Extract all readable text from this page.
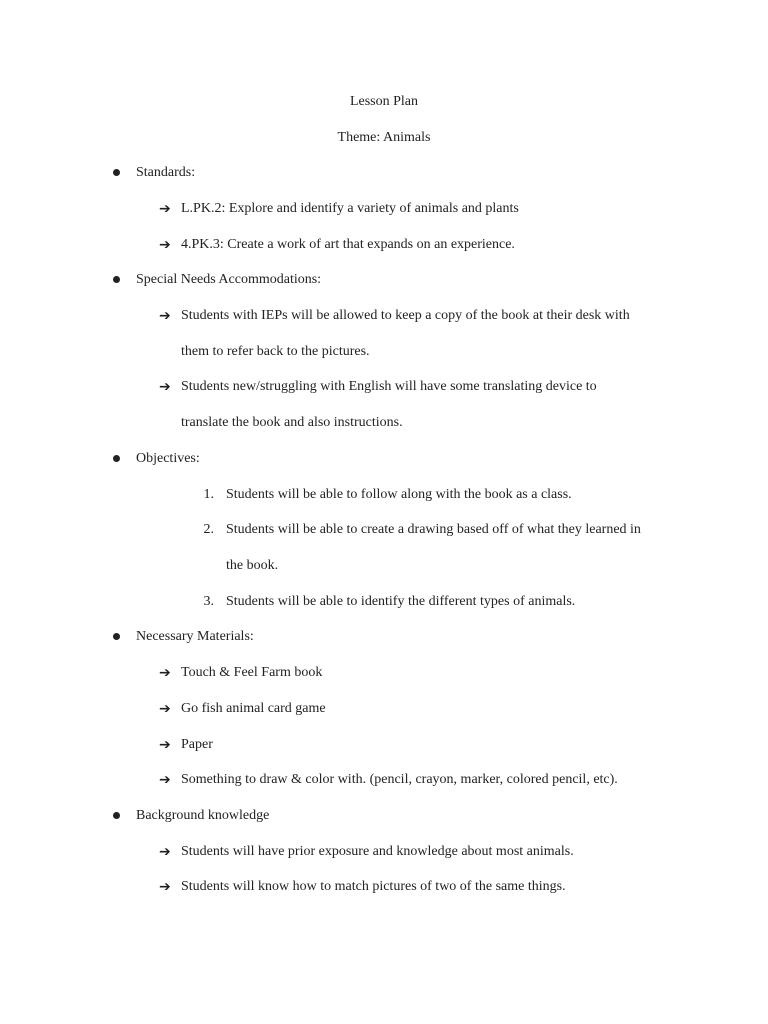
Lesson Plan
Theme: Animals
Standards:
➔ L.PK.2: Explore and identify a variety of animals and plants
➔ 4.PK.3: Create a work of art that expands on an experience.
Special Needs Accommodations:
➔ Students with IEPs will be allowed to keep a copy of the book at their desk with
them to refer back to the pictures.
➔ Students new/struggling with English will have some translating device to
translate the book and also instructions.
Objectives:
1. Students will be able to follow along with the book as a class.
2. Students will be able to create a drawing based off of what they learned in
the book.
3. Students will be able to identify the different types of animals.
Necessary Materials:
➔ Touch & Feel Farm book
➔ Go fish animal card game
➔ Paper
➔ Something to draw & color with. (pencil, crayon, marker, colored pencil, etc).
Background knowledge
➔ Students will have prior exposure and knowledge about most animals.
➔ Students will know how to match pictures of two of the same things.
